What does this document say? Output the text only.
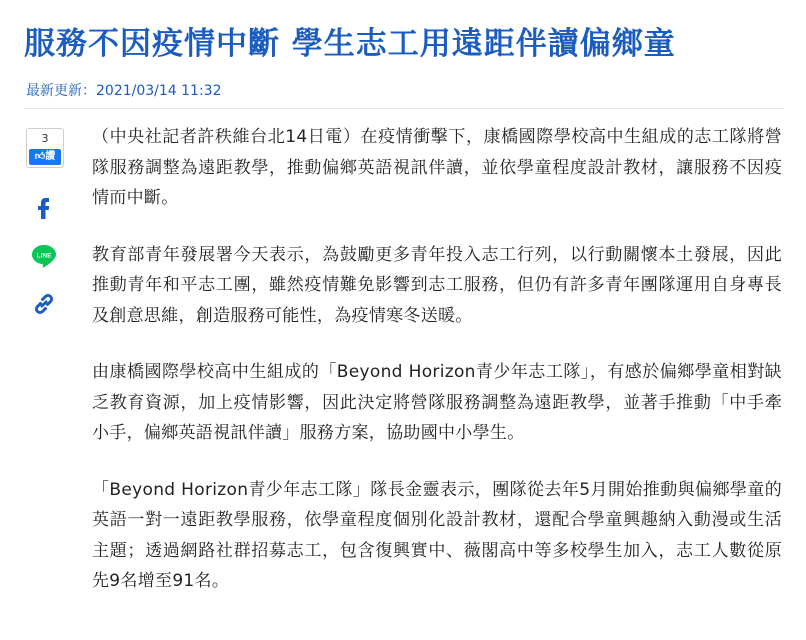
服務不因疫情中斷 學生志工用遠距伴讀偏鄉童
最新更新：2021/03/14 11:32
3
👍︎讚
LINE

（中央社記者許秩維台北14日電）在疫情衝擊下，康橋國際學校高中生組成的志工隊將營隊服務調整為遠距教學，推動偏鄉英語視訊伴讀，並依學童程度設計教材，讓服務不因疫情而中斷。

教育部青年發展署今天表示，為鼓勵更多青年投入志工行列，以行動關懷本土發展，因此推動青年和平志工團，雖然疫情難免影響到志工服務，但仍有許多青年團隊運用自身專長及創意思維，創造服務可能性，為疫情寒冬送暖。

由康橋國際學校高中生組成的「Beyond Horizon青少年志工隊」，有感於偏鄉學童相對缺乏教育資源，加上疫情影響，因此決定將營隊服務調整為遠距教學，並著手推動「中手牽小手，偏鄉英語視訊伴讀」服務方案，協助國中小學生。

「Beyond Horizon青少年志工隊」隊長金靈表示，團隊從去年5月開始推動與偏鄉學童的英語一對一遠距教學服務，依學童程度個別化設計教材，還配合學童興趣納入動漫或生活主題；透過網路社群招募志工，包含復興實中、薇閣高中等多校學生加入，志工人數從原先9名增至91名。
